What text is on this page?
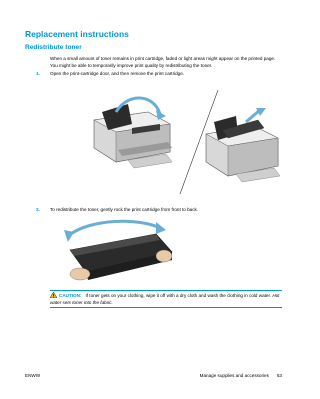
Replacement instructions
Redistribute toner
When a small amount of toner remains in print cartridge, faded or light areas might appear on the printed page. You might be able to temporarily improve print quality by redistributing the toner.
1. Open the print-cartridge door, and then remove the print cartridge.
2. To redistribute the toner, gently rock the print cartridge from front to back.
CAUTION: If toner gets on your clothing, wipe it off with a dry cloth and wash the clothing in cold water. Hot water sets toner into the fabric.
ENWW	Manage supplies and accessories 53
